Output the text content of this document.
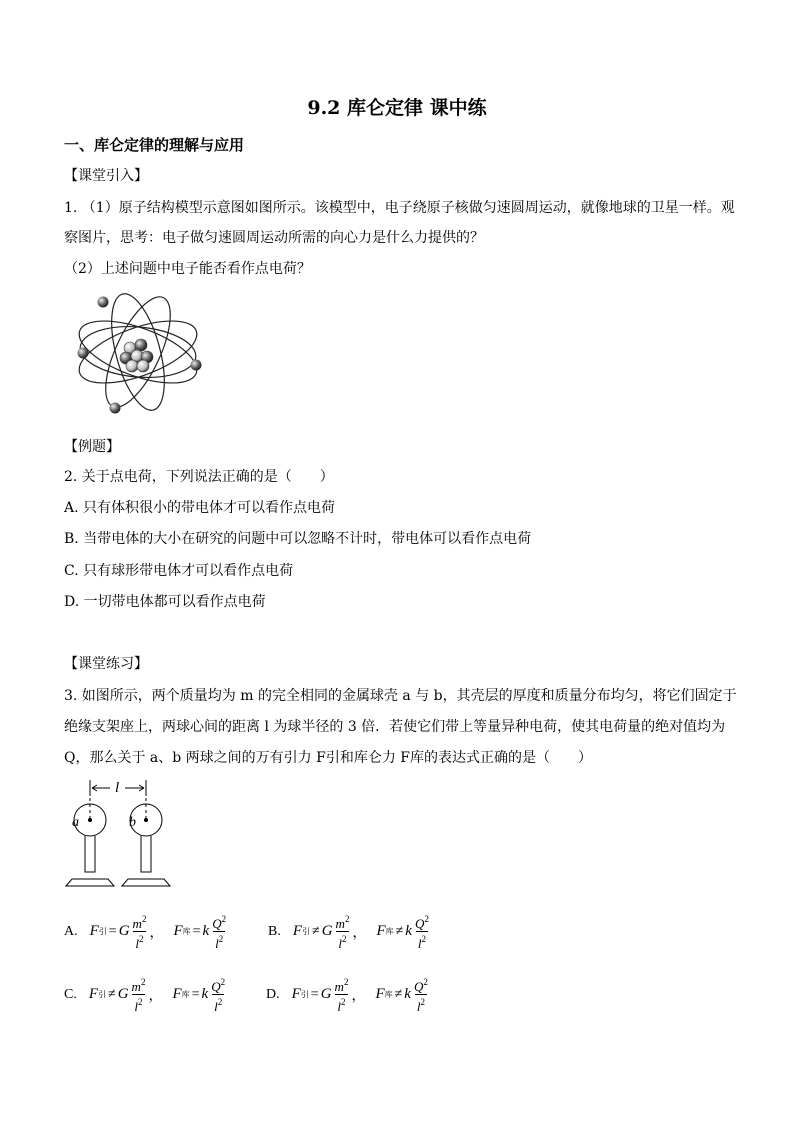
9.2 库仑定律 课中练
一、库仑定律的理解与应用
【课堂引入】
1. （1）原子结构模型示意图如图所示。该模型中，电子绕原子核做匀速圆周运动，就像地球的卫星一样。观
察图片，思考：电子做匀速圆周运动所需的向心力是什么力提供的？
（2）上述问题中电子能否看作点电荷？
【例题】
2. 关于点电荷，下列说法正确的是（　　）
A. 只有体积很小的带电体才可以看作点电荷
B. 当带电体的大小在研究的问题中可以忽略不计时，带电体可以看作点电荷
C. 只有球形带电体才可以看作点电荷
D. 一切带电体都可以看作点电荷
【课堂练习】
3. 如图所示，两个质量均为 m 的完全相同的金属球壳 a 与 b，其壳层的厚度和质量分布均匀，将它们固定于
绝缘支架座上，两球心间的距离 l 为球半径的 3 倍．若使它们带上等量异种电荷，使其电荷量的绝对值均为
Q，那么关于 a、b 两球之间的万有引力 F引和库仑力 F库的表达式正确的是（　　）
l
a	b
A. F 引 = G $\frac{m^2}{l^2}$ ， F 库 = k $\frac{Q^2}{l^2}$	B. F 引 ≠ G $\frac{m^2}{l^2}$ ， F 库 ≠ k $\frac{Q^2}{l^2}$
C. F 引 ≠ G $\frac{m^2}{l^2}$ ， F 库 = k $\frac{Q^2}{l^2}$	D. F 引 = G $\frac{m^2}{l^2}$ ， F 库 ≠ k $\frac{Q^2}{l^2}$
